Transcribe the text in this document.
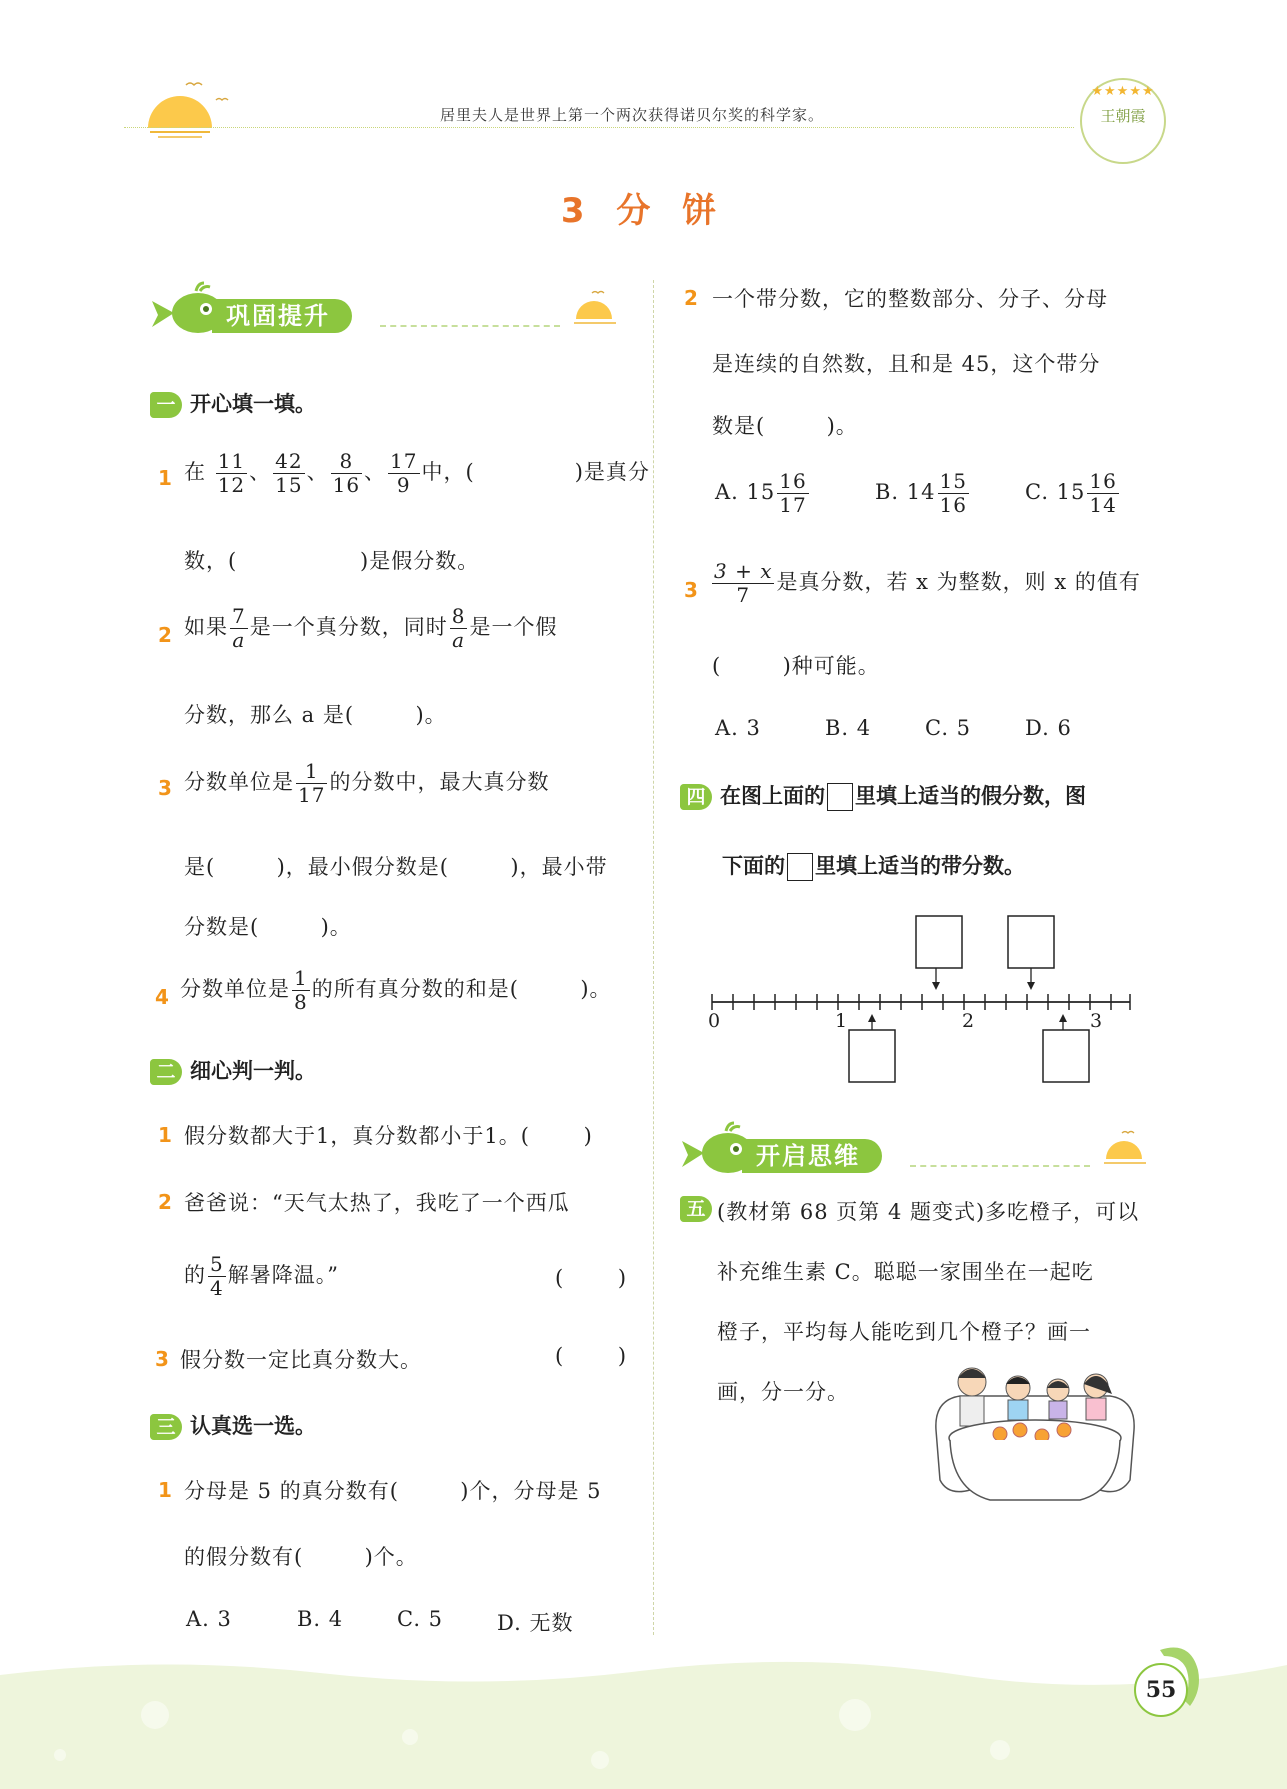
居里夫人是世界上第一个两次获得诺贝尔奖的科学家。
★★★★★
王朝霞
3 分 饼
巩固提升
一 开心填一填。
1 在 $\frac{11}{12}$ 、 $\frac{42}{15}$ 、 $\frac{8}{16}$ 、 $\frac{17}{9}$ 中，(	)是真分
数，(                )是假分数。
2 如果 $\frac{7}{a}$ 是一个真分数，同时 $\frac{8}{a}$ 是一个假
分数，那么 a 是(        )。
3 分数单位是 $\frac{1}{17}$ 的分数中，最大真分数
是(        )，最小假分数是(        )，最小带
分数是(        )。
4 分数单位是 $\frac{1}{8}$ 的所有真分数的和是(        )。
二 细心判一判。
1 假分数都大于1，真分数都小于1。(       )
2 爸爸说：“天气太热了，我吃了一个西瓜
的 $\frac{5}{4}$ 解暑降温。”	(       )
3 假分数一定比真分数大。	(       )
三 认真选一选。
1 分母是 5 的真分数有(        )个，分母是 5
的假分数有(        )个。
A. 3	B. 4	C. 5	D. 无数
2 一个带分数，它的整数部分、分子、分母
是连续的自然数，且和是 45，这个带分
数是(        )。
A. $15 \frac{16}{17}$	B. $14 \frac{15}{16}$	C. $15 \frac{16}{14}$
$3 \frac{3 + x}{7}$ 是真分数，若 x 为整数，则 x 的值有
(        )种可能。
A. 3	B. 4	C. 5	D. 6
四 在图上面的 里填上适当的假分数，图
下面的 里填上适当的带分数。
0	1	2	3
开启思维
五 (教材第 68 页第 4 题变式)多吃橙子，可以
补充维生素 C。聪聪一家围坐在一起吃
橙子，平均每人能吃到几个橙子？画一
画，分一分。
55
